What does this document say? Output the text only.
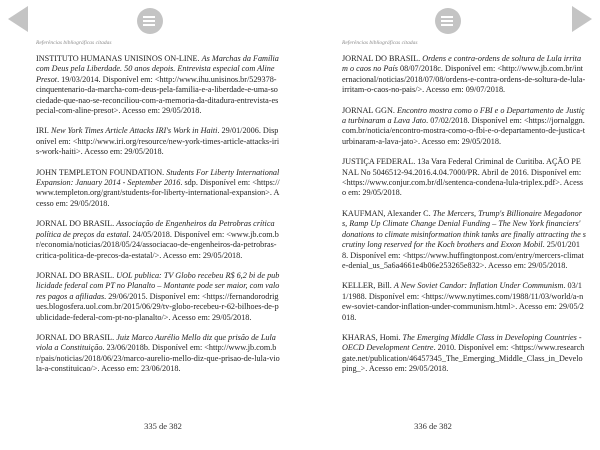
Referências bibliográficas citadas

INSTITUTO HUMANAS UNISINOS ON-LINE. As Marchas da Família com Deus pela Liberdade. 50 anos depois. Entrevista especial com Aline Presot. 19/03/2014. Disponível em: <http://www.ihu.unisinos.br/529378-cinquentenario-da-marcha-com-deus-pela-familia-e-a-liberdade-e-uma-sociedade-que-nao-se-reconciliou-com-a-memoria-da-ditadura-entrevista-especial-com-aline-presot>. Acesso em: 29/05/2018.

IRI. New York Times Article Attacks IRI's Work in Haiti. 29/01/2006. Disponível em: <http://www.iri.org/resource/new-york-times-article-attacks-iris-work-haiti>. Acesso em: 29/05/2018.

JOHN TEMPLETON FOUNDATION. Students For Liberty International Expansion: January 2014 - September 2016. sdp. Disponível em: <https://www.templeton.org/grant/students-for-liberty-international-expansion>. Acesso em: 29/05/2018.

JORNAL DO BRASIL. Associação de Engenheiros da Petrobras crítica política de preços da estatal. 24/05/2018. Disponível em: <www.jb.com.br/economia/noticias/2018/05/24/associacao-de-engenheiros-da-petrobras-critica-politica-de-precos-da-estatal/>. Acesso em: 29/05/2018.

JORNAL DO BRASIL. UOL publica: TV Globo recebeu R$ 6,2 bi de publicidade federal com PT no Planalto – Montante pode ser maior, com valores pagos a afiliadas. 29/06/2015. Disponível em: <https://fernandorodrigues.blogosfera.uol.com.br/2015/06/29/tv-globo-recebeu-r-62-bilhoes-de-publicidade-federal-com-pt-no-planalto/>. Acesso em: 29/05/2018.

JORNAL DO BRASIL. Juiz Marco Aurélio Mello diz que prisão de Lula viola a Constituição. 23/06/2018b. Disponível em: <http://www.jb.com.br/pais/noticias/2018/06/23/marco-aurelio-mello-diz-que-prisao-de-lula-viola-a-constituicao/>. Acesso em: 23/06/2018.

335 de 382
Referências bibliográficas citadas

JORNAL DO BRASIL. Ordens e contra-ordens de soltura de Lula irritam o caos no País 08/07/2018c. Disponível em: <http://www.jb.com.br/internacional/noticias/2018/07/08/ordens-e-contra-ordens-de-soltura-de-lula-irritam-o-caos-no-pais/>. Acesso em: 09/07/2018.

JORNAL GGN. Encontro mostra como o FBI e o Departamento de Justiça turbinaram a Lava Jato. 07/02/2018. Disponível em: <https://jornalggn.com.br/noticia/encontro-mostra-como-o-fbi-e-o-departamento-de-justica-turbinaram-a-lava-jato>. Acesso em: 29/05/2018.

JUSTIÇA FEDERAL. 13a Vara Federal Criminal de Curitiba. AÇÃO PENAL No 5046512-94.2016.4.04.7000/PR. Abril de 2016. Disponível em: <https://www.conjur.com.br/dl/sentenca-condena-lula-triplex.pdf>. Acesso em: 29/05/2018.

KAUFMAN, Alexander C. The Mercers, Trump's Billionaire Megadonors, Ramp Up Climate Change Denial Funding – The New York financiers' donations to climate misinformation think tanks are finally attracting the scrutiny long reserved for the Koch brothers and Exxon Mobil. 25/01/2018. Disponível em: <https://www.huffingtonpost.com/entry/mercers-climate-denial_us_5a6a4661e4b06e253265e832>. Acesso em: 29/05/2018.

KELLER, Bill. A New Soviet Candor: Inflation Under Communism. 03/11/1988. Disponível em: <https://www.nytimes.com/1988/11/03/world/a-new-soviet-candor-inflation-under-communism.html>. Acesso em: 29/05/2018.

KHARAS, Homi. The Emerging Middle Class in Developing Countries - OECD Development Centre. 2010. Disponível em: <https://www.researchgate.net/publication/46457345_The_Emerging_Middle_Class_in_Developing_>. Acesso em: 29/05/2018.

336 de 382
